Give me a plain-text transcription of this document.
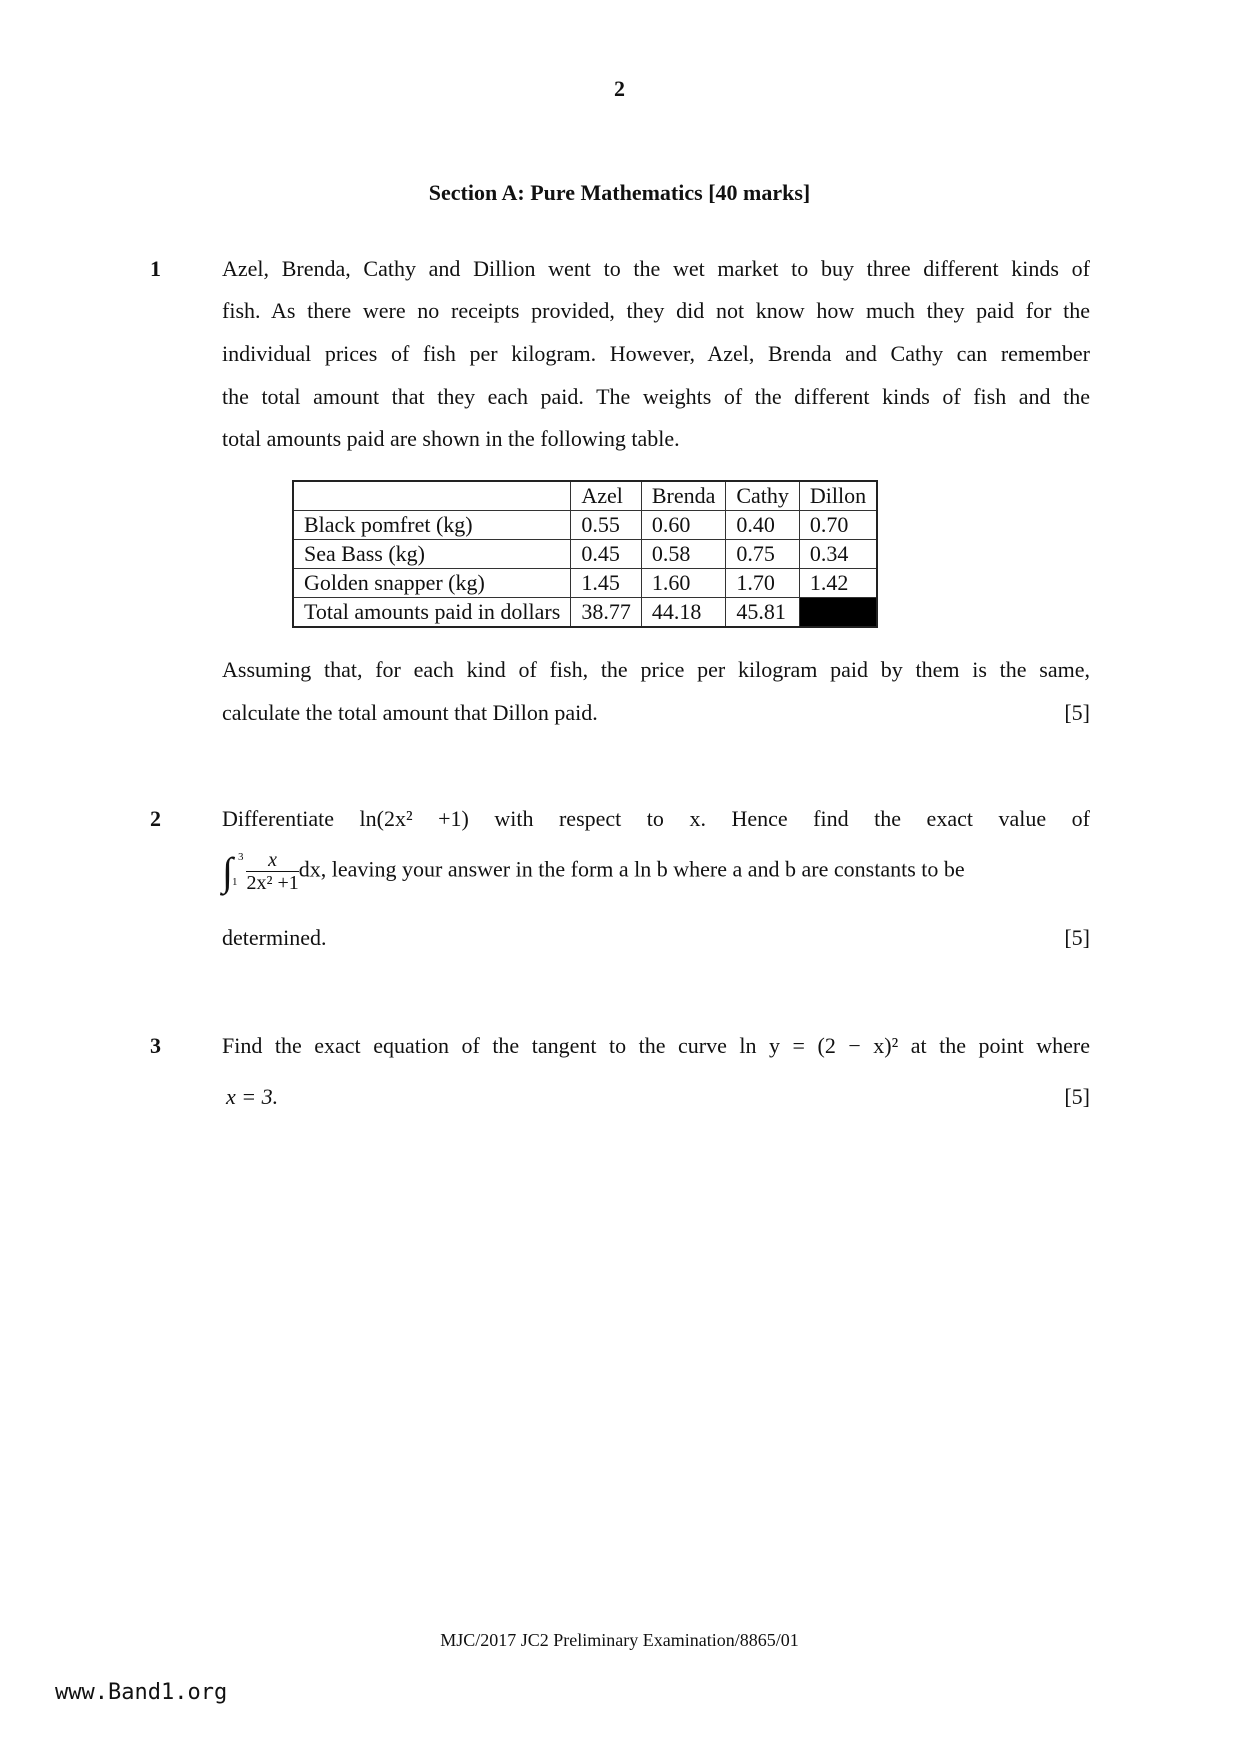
2
Section A: Pure Mathematics [40 marks]
1	Azel, Brenda, Cathy and Dillion went to the wet market to buy three different kinds of
fish. As there were no receipts provided, they did not know how much they paid for the
individual prices of fish per kilogram. However, Azel, Brenda and Cathy can remember
the total amount that they each paid. The weights of the different kinds of fish and the
total amounts paid are shown in the following table.
	Azel	Brenda	Cathy	Dillon
Black pomfret (kg)	0.55	0.60	0.40	0.70
Sea Bass (kg)	0.45	0.58	0.75	0.34
Golden snapper (kg)	1.45	1.60	1.70	1.42
Total amounts paid in dollars	38.77	44.18	45.81	
Assuming that, for each kind of fish, the price per kilogram paid by them is the same,
calculate the total amount that Dillon paid.	[5]
2	Differentiate ln(2x² +1) with respect to x. Hence find the exact value of
∫ 3
1
$\frac{x}{\text{2x² +1}}$ dx, leaving your answer in the form a ln b where a and b are constants to be
determined.	[5]
3	Find the exact equation of the tangent to the curve ln y = (2 − x)² at the point where
x = 3.	[5]
MJC/2017 JC2 Preliminary Examination/8865/01
www.Band1.org
